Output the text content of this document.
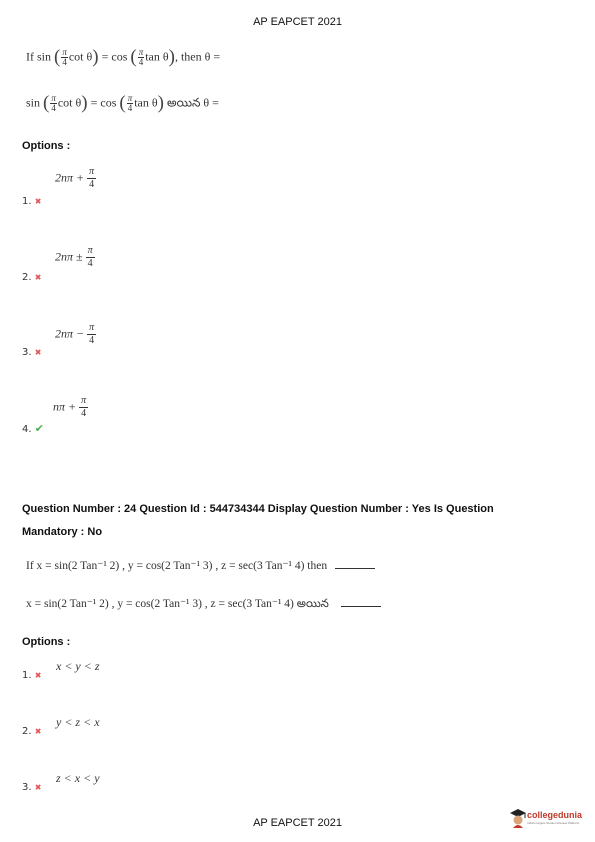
AP EAPCET 2021
If sin ( $\frac{\pi}{4}$ cot θ) = cos ( $\frac{\pi}{4}$ tan θ), then θ =
sin ( $\frac{\pi}{4}$ cot θ) = cos ( $\frac{\pi}{4}$ tan θ) అయిన θ =
Options :
$2n\pi + \frac{\pi}{4}$
1. ✖
$2n\pi \pm \frac{\pi}{4}$
2. ✖
$2n\pi - \frac{\pi}{4}$
3. ✖
$n\pi + \frac{\pi}{4}$
4. ✔
Question Number : 24 Question Id : 544734344 Display Question Number : Yes Is Question
Mandatory : No
If x = sin(2 Tan⁻¹ 2) , y = cos(2 Tan⁻¹ 3) , z = sec(3 Tan⁻¹ 4) then
x = sin(2 Tan⁻¹ 2) , y = cos(2 Tan⁻¹ 3) , z = sec(3 Tan⁻¹ 4) అయిన
Options :
x < y < z
1. ✖
y < z < x
2. ✖
z < x < y
3. ✖
AP EAPCET 2021
collegedunia
India's largest Student Review Platform
